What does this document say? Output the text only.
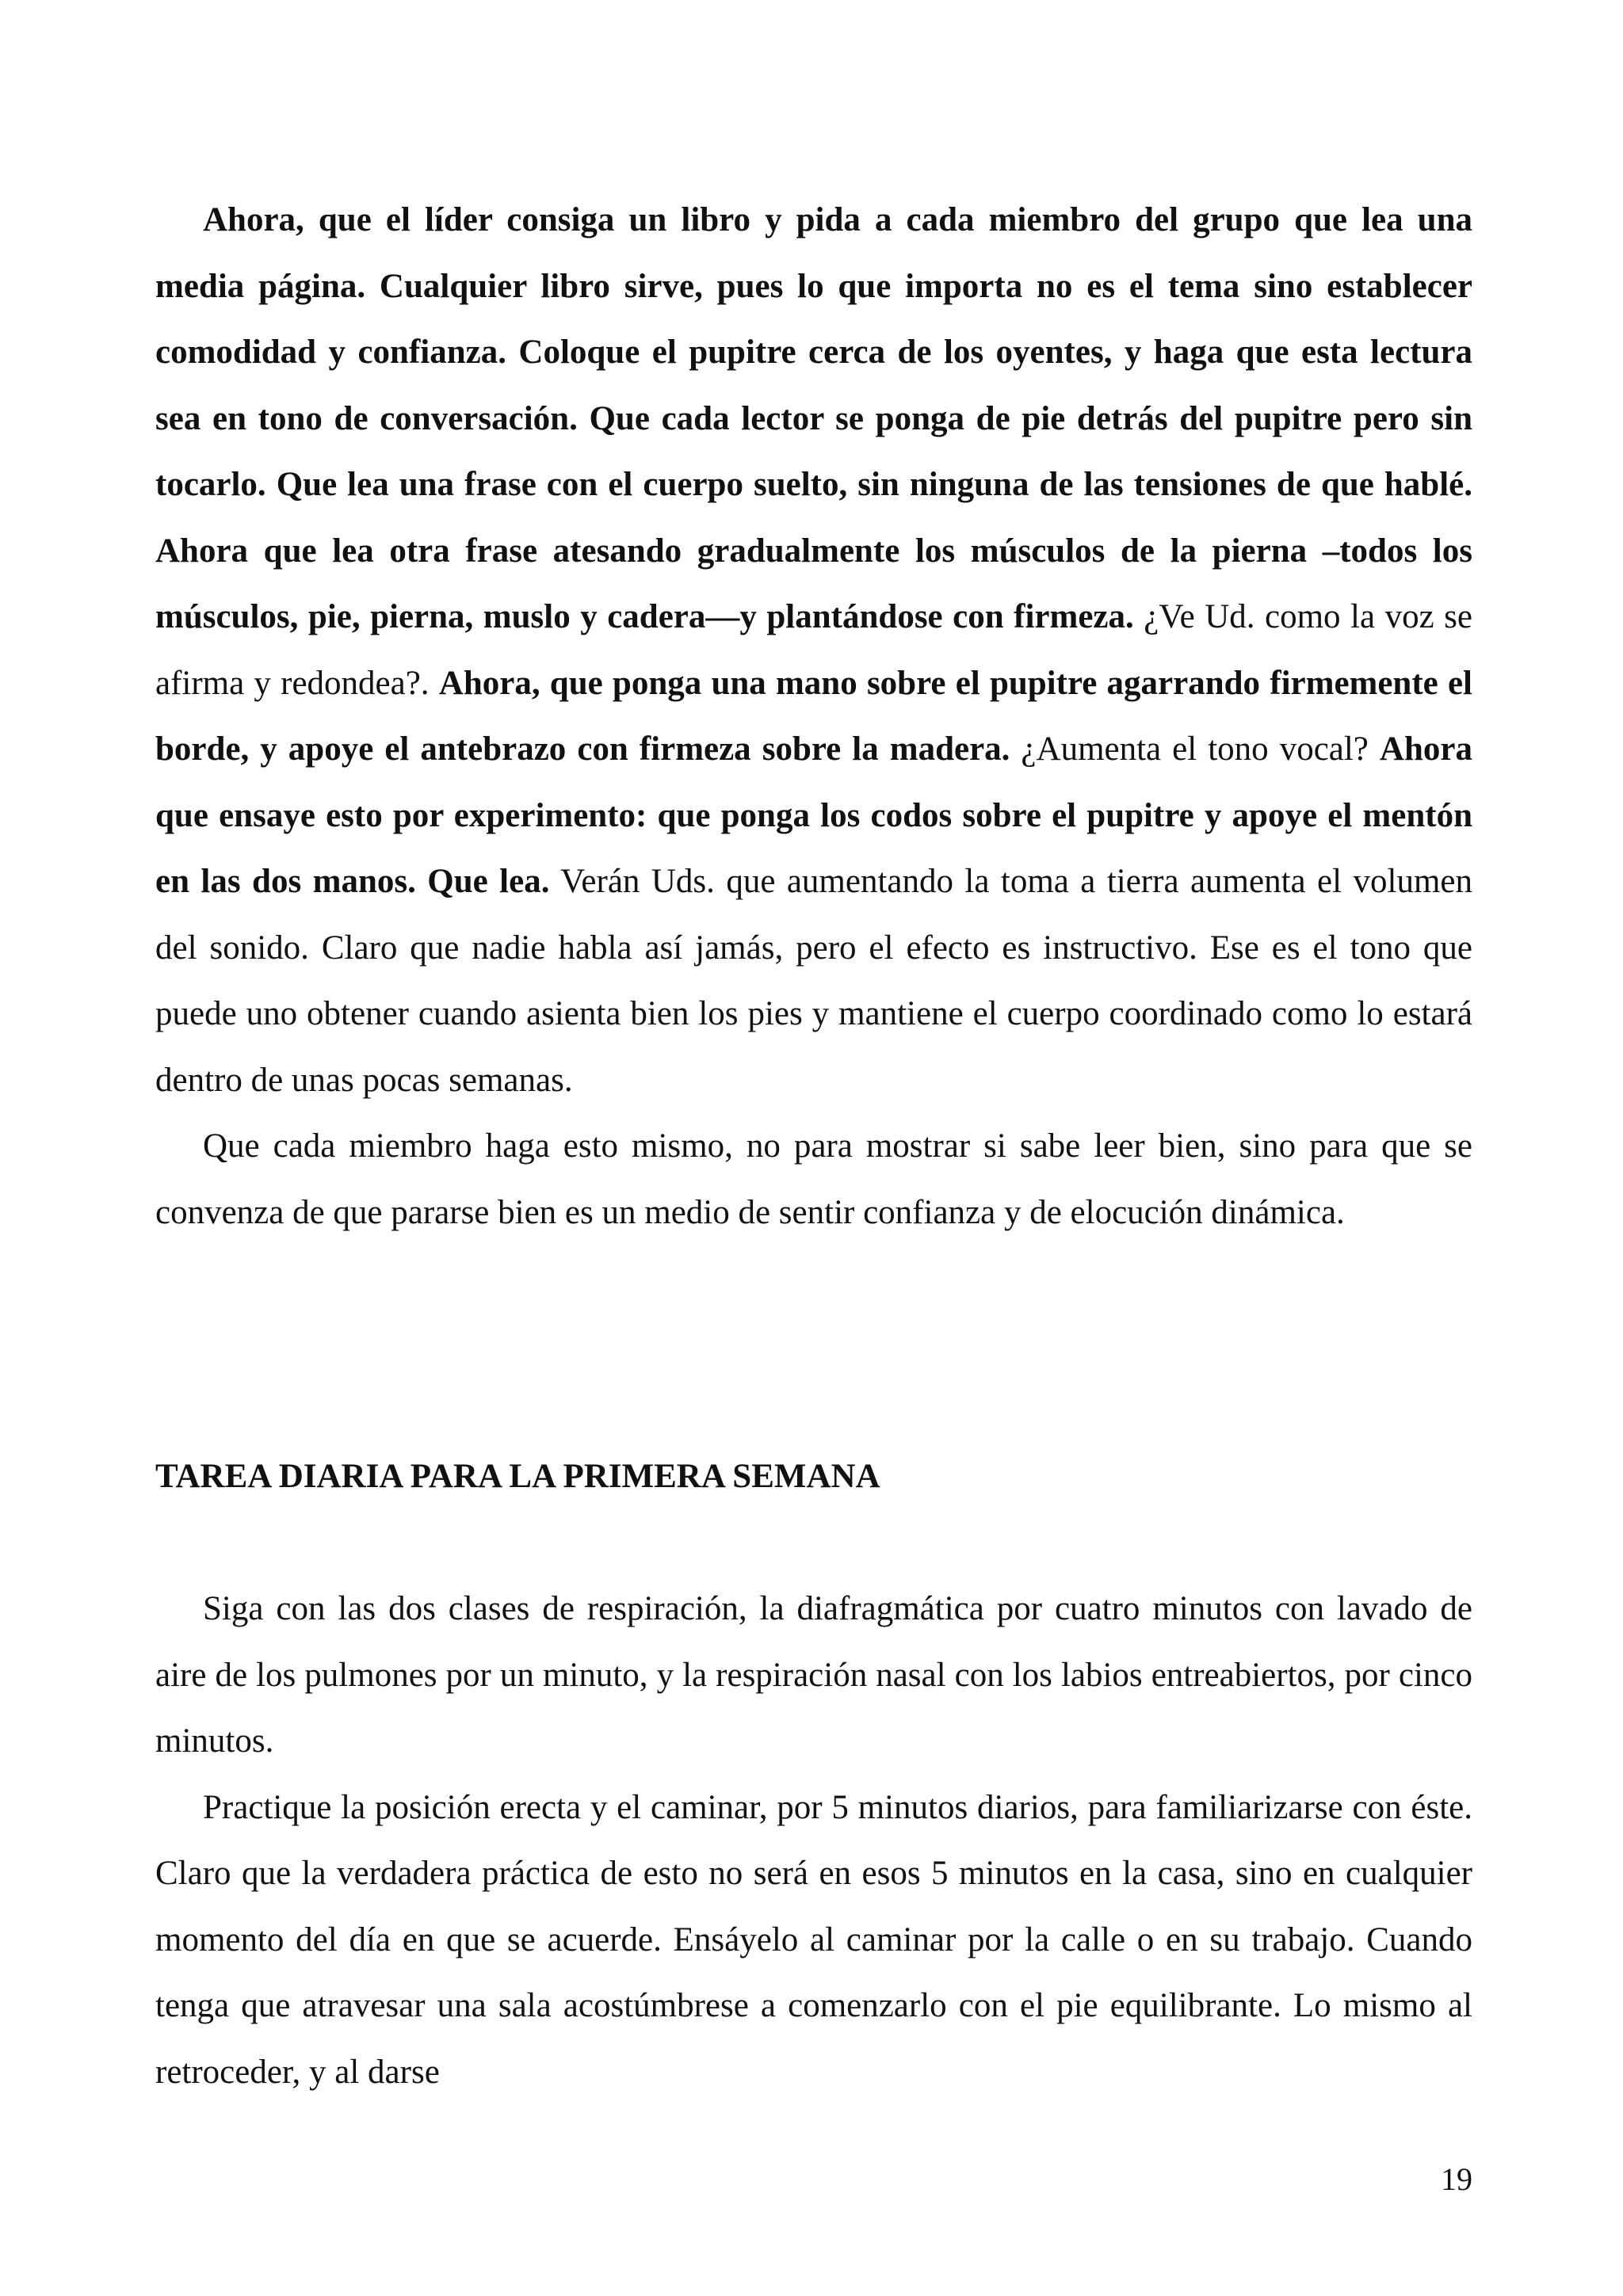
Ahora, que el líder consiga un libro y pida a cada miembro del grupo que lea una media página. Cualquier libro sirve, pues lo que importa no es el tema sino establecer comodidad y confianza. Coloque el pupitre cerca de los oyentes, y haga que esta lectura sea en tono de conversación. Que cada lector se ponga de pie detrás del pupitre pero sin tocarlo. Que lea una frase con el cuerpo suelto, sin ninguna de las tensiones de que hablé. Ahora que lea otra frase atesando gradualmente los músculos de la pierna –todos los músculos, pie, pierna, muslo y cadera—y plantándose con firmeza. ¿Ve Ud. como la voz se afirma y redondea?. Ahora, que ponga una mano sobre el pupitre agarrando firmemente el borde, y apoye el antebrazo con firmeza sobre la madera. ¿Aumenta el tono vocal? Ahora que ensaye esto por experimento: que ponga los codos sobre el pupitre y apoye el mentón en las dos manos. Que lea. Verán Uds. que aumentando la toma a tierra aumenta el volumen del sonido. Claro que nadie habla así jamás, pero el efecto es instructivo. Ese es el tono que puede uno obtener cuando asienta bien los pies y mantiene el cuerpo coordinado como lo estará dentro de unas pocas semanas.

Que cada miembro haga esto mismo, no para mostrar si sabe leer bien, sino para que se convenza de que pararse bien es un medio de sentir confianza y de elocución dinámica.

TAREA DIARIA PARA LA PRIMERA SEMANA

Siga con las dos clases de respiración, la diafragmática por cuatro minutos con lavado de aire de los pulmones por un minuto, y la respiración nasal con los labios entreabiertos, por cinco minutos.

Practique la posición erecta y el caminar, por 5 minutos diarios, para familiarizarse con éste. Claro que la verdadera práctica de esto no será en esos 5 minutos en la casa, sino en cualquier momento del día en que se acuerde. Ensáyelo al caminar por la calle o en su trabajo. Cuando tenga que atravesar una sala acostúmbrese a comenzarlo con el pie equilibrante. Lo mismo al retroceder, y al darse

19
